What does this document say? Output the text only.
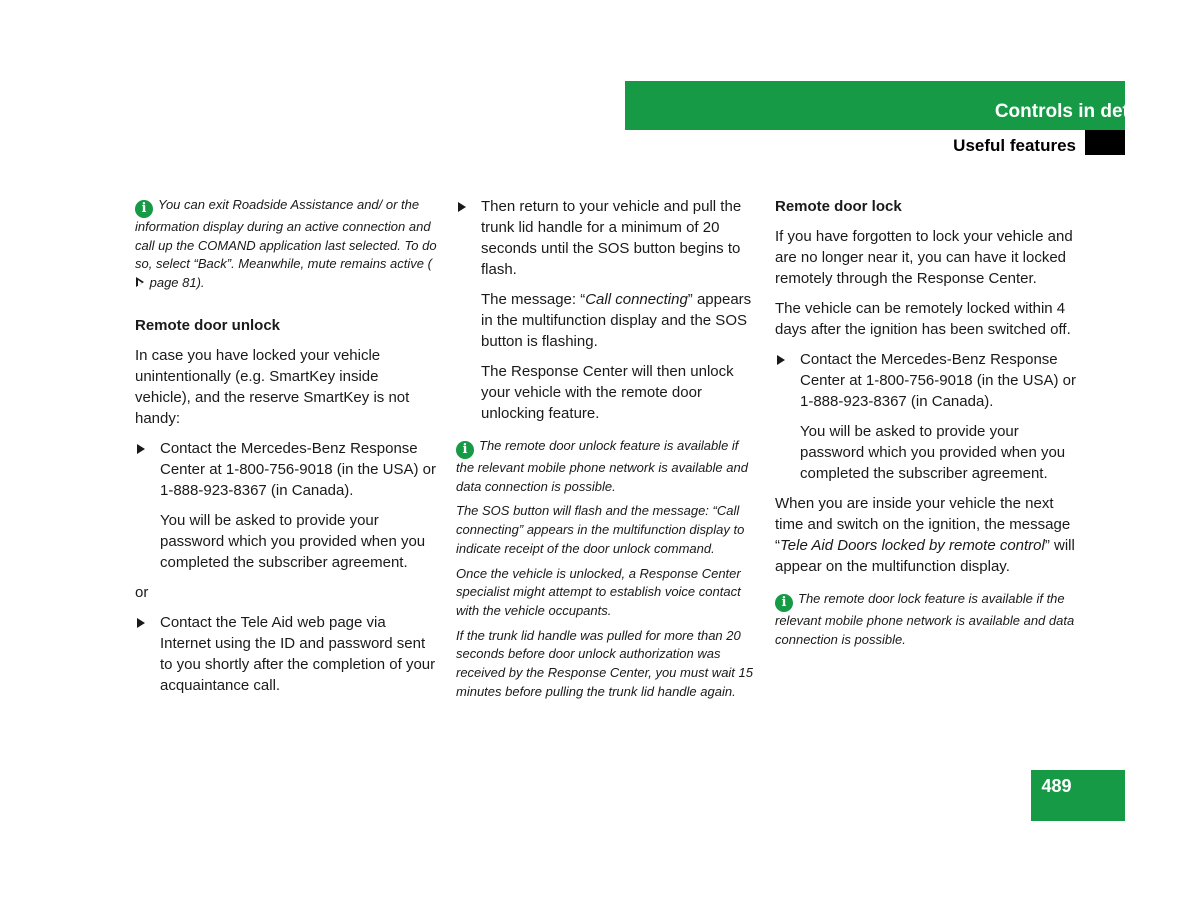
Controls in detail
Useful features

i You can exit Roadside Assistance and/ or the information display during an active connection and call up the COMAND application last selected. To do so, select “Back”. Meanwhile, mute remains active ( page 81).

Remote door unlock

In case you have locked your vehicle unintentionally (e.g. SmartKey inside vehicle), and the reserve SmartKey is not handy:

Contact the Mercedes-Benz Response Center at 1-800-756-9018 (in the USA) or 1-888-923-8367 (in Canada).

You will be asked to provide your password which you provided when you completed the subscriber agreement.

or

Contact the Tele Aid web page via Internet using the ID and password sent to you shortly after the completion of your acquaintance call.
Then return to your vehicle and pull the trunk lid handle for a minimum of 20 seconds until the SOS button begins to flash.

The message: “Call connecting” appears in the multifunction display and the SOS button is flashing.

The Response Center will then unlock your vehicle with the remote door unlocking feature.

i The remote door unlock feature is available if the relevant mobile phone network is available and data connection is possible.

The SOS button will flash and the message: “Call connecting” appears in the multifunction display to indicate receipt of the door unlock command.

Once the vehicle is unlocked, a Response Center specialist might attempt to establish voice contact with the vehicle occupants.

If the trunk lid handle was pulled for more than 20 seconds before door unlock authorization was received by the Response Center, you must wait 15 minutes before pulling the trunk lid handle again.

Remote door lock

If you have forgotten to lock your vehicle and are no longer near it, you can have it locked remotely through the Response Center.

The vehicle can be remotely locked within 4 days after the ignition has been switched off.

Contact the Mercedes-Benz Response Center at 1-800-756-9018 (in the USA) or 1-888-923-8367 (in Canada).

You will be asked to provide your password which you provided when you completed the subscriber agreement.

When you are inside your vehicle the next time and switch on the ignition, the message “Tele Aid Doors locked by remote control” will appear on the multifunction display.

i The remote door lock feature is available if the relevant mobile phone network is available and data connection is possible.

489
